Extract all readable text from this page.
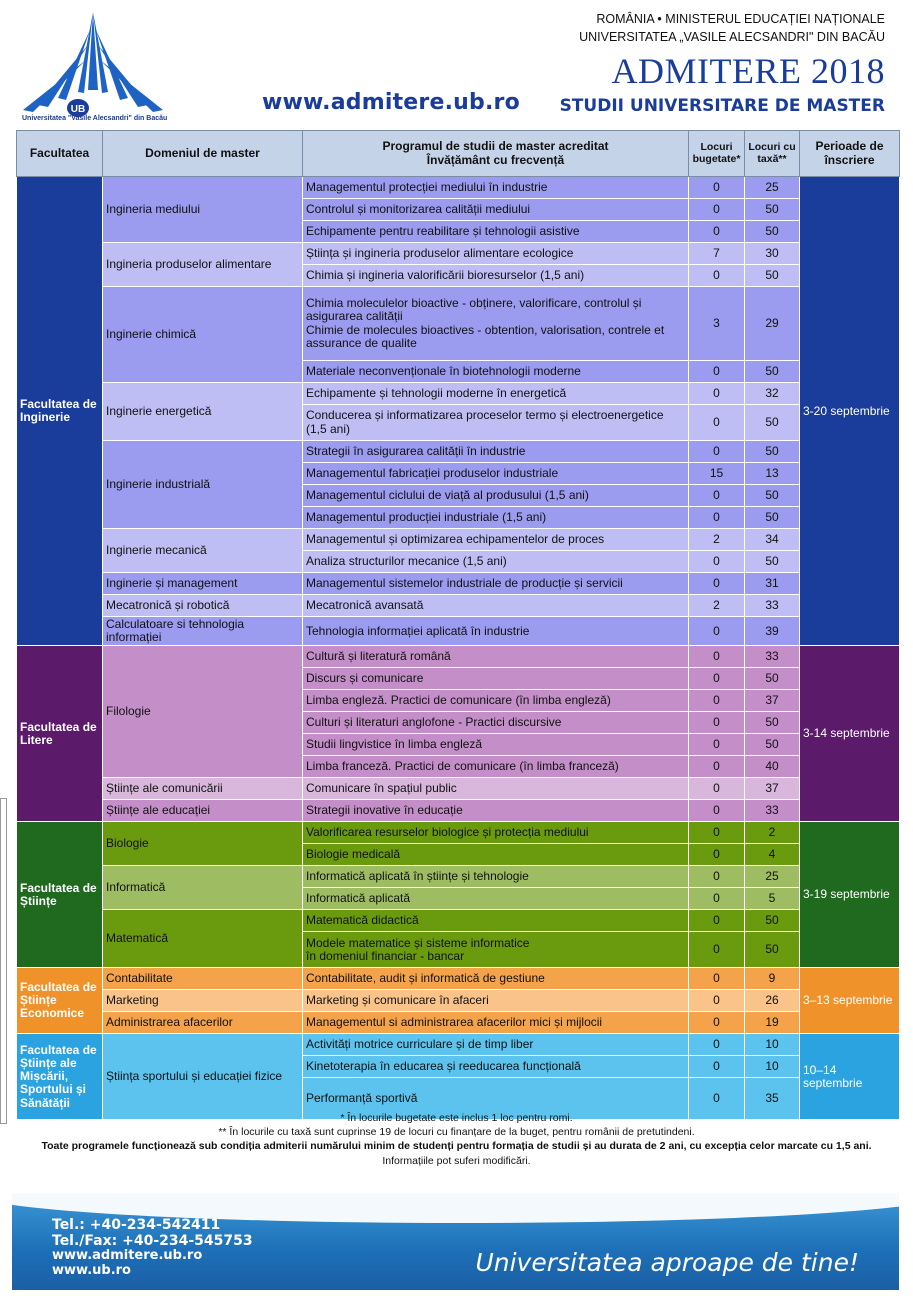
UB
Universitatea "Vasile Alecsandri" din Bacău
www.admitere.ub.ro
ROMÂNIA • MINISTERUL EDUCAȚIEI NAȚIONALE
UNIVERSITATEA „VASILE ALECSANDRI" DIN BACĂU
ADMITERE 2018
STUDII UNIVERSITARE DE MASTER
Facultatea	Domeniul de master	Programul de studii de master acreditat
Învățământ cu frecvență	Locuri bugetate*	Locuri cu taxă**	Perioade de înscriere
Facultatea de Inginerie	Ingineria mediului	Managementul protecției mediului în industrie	0	25	3-20 septembrie
		Controlul și monitorizarea calității mediului	0	50	
		Echipamente pentru reabilitare și tehnologii asistive	0	50	
	Ingineria produselor alimentare	Știința și ingineria produselor alimentare ecologice	7	30	
		Chimia și ingineria valorificării bioresurselor (1,5 ani)	0	50	
	Inginerie chimică	Chimia moleculelor bioactive - obținere, valorificare, controlul și asigurarea calității
Chimie de molecules bioactives - obtention, valorisation, contrele et assurance de qualite	3	29	
		Materiale neconvenționale în biotehnologii moderne	0	50	
	Inginerie energetică	Echipamente și tehnologii moderne în energetică	0	32	
		Conducerea și informatizarea proceselor termo și electroenergetice (1,5 ani)	0	50	
	Inginerie industrială	Strategii în asigurarea calității în industrie	0	50	
		Managementul fabricației produselor industriale	15	13	
		Managementul ciclului de viață al produsului (1,5 ani)	0	50	
		Managementul producției industriale (1,5 ani)	0	50	
	Inginerie mecanică	Managementul și optimizarea echipamentelor de proces	2	34	
		Analiza structurilor mecanice (1,5 ani)	0	50	
	Inginerie și management	Managementul sistemelor industriale de producție și servicii	0	31	
	Mecatronică și robotică	Mecatronică avansată	2	33	
	Calculatoare si tehnologia informației	Tehnologia informației aplicată în industrie	0	39	
Facultatea de Litere	Filologie	Cultură și literatură română	0	33	3-14 septembrie
		Discurs și comunicare	0	50	
		Limba engleză. Practici de comunicare (în limba engleză)	0	37	
		Culturi și literaturi anglofone - Practici discursive	0	50	
		Studii lingvistice în limba engleză	0	50	
		Limba franceză. Practici de comunicare (în limba franceză)	0	40	
	Științe ale comunicării	Comunicare în spațiul public	0	37	
	Științe ale educației	Strategii inovative în educație	0	33	
Facultatea de Științe	Biologie	Valorificarea resurselor biologice și protecția mediului	0	2	3-19 septembrie
		Biologie medicală	0	4	
	Informatică	Informatică aplicată în științe și tehnologie	0	25	
		Informatică aplicată	0	5	
	Matematică	Matematică didactică	0	50	
		Modele matematice și sisteme informatice
în domeniul financiar - bancar	0	50	
Facultatea de Științe Economice	Contabilitate	Contabilitate, audit și informatică de gestiune	0	9	3–13 septembrie
	Marketing	Marketing și comunicare în afaceri	0	26	
	Administrarea afacerilor	Managementul si administrarea afacerilor mici și mijlocii	0	19	
Facultatea de Științe ale Mișcării, Sportului și Sănătății	Știința sportului și educației fizice	Activități motrice curriculare și de timp liber	0	10	10–14 septembrie
		Kinetoterapia în educarea și reeducarea funcțională	0	10	
		Performanță sportivă	0	35	
* În locurile bugetate este inclus 1 loc pentru romi.
** În locurile cu taxă sunt cuprinse 19 de locuri cu finanțare de la buget, pentru românii de pretutindeni.
Toate programele funcționează sub condiția admiterii numărului minim de studenți pentru formația de studii și au durata de 2 ani, cu excepția celor marcate cu 1,5 ani.
Informațiile pot suferi modificări.
Tel.: +40-234-542411
Tel./Fax: +40-234-545753
www.admitere.ub.ro
www.ub.ro	Universitatea aproape de tine!
